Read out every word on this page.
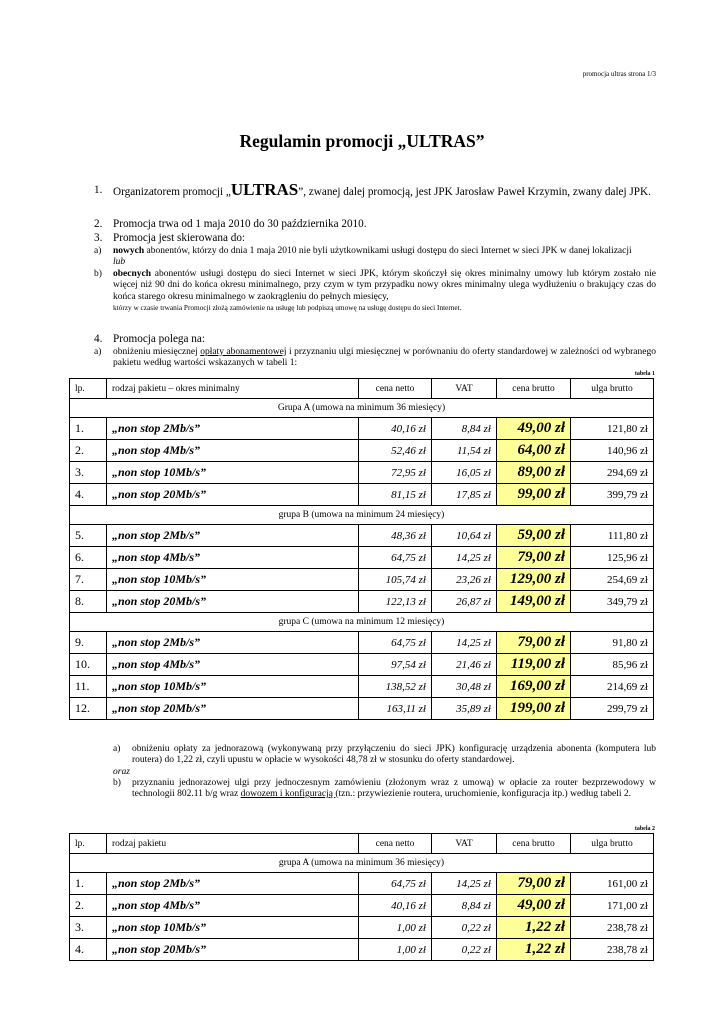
promocja ultras strona 1/3
Regulamin promocji „ULTRAS”
1. Organizatorem promocji „ULTRAS”, zwanej dalej promocją, jest JPK Jarosław Paweł Krzymin, zwany dalej JPK.
2. Promocja trwa od 1 maja 2010 do 30 października 2010.
3. Promocja jest skierowana do:
a) nowych abonentów, którzy do dnia 1 maja 2010 nie byli użytkownikami usługi dostępu do sieci Internet w sieci JPK w danej lokalizacji
lub
b) obecnych abonentów usługi dostępu do sieci Internet w sieci JPK, którym skończył się okres minimalny umowy lub którym zostało nie więcej niż 90 dni do końca okresu minimalnego, przy czym w tym przypadku nowy okres minimalny ulega wydłużeniu o brakujący czas do końca starego okresu minimalnego w zaokrągleniu do pełnych miesięcy,
którzy w czasie trwania Promocji złożą zamówienie na usługę lub podpiszą umowę na usługę dostępu do sieci Internet.
4. Promocja polega na:
a) obniżeniu miesięcznej opłaty abonamentowej i przyznaniu ulgi miesięcznej w porównaniu do oferty standardowej w zależności od wybranego pakietu według wartości wskazanych w tabeli 1:
tabela 1
lp.	rodzaj pakietu – okres minimalny	cena netto	VAT	cena brutto	ulga brutto
Grupa A (umowa na minimum 36 miesięcy)					
1.	„non stop 2Mb/s”	40,16 zł	8,84 zł	49,00 zł	121,80 zł
2.	„non stop 4Mb/s”	52,46 zł	11,54 zł	64,00 zł	140,96 zł
3.	„non stop 10Mb/s”	72,95 zł	16,05 zł	89,00 zł	294,69 zł
4.	„non stop 20Mb/s”	81,15 zł	17,85 zł	99,00 zł	399,79 zł
grupa B (umowa na minimum 24 miesięcy)					
5.	„non stop 2Mb/s”	48,36 zł	10,64 zł	59,00 zł	111,80 zł
6.	„non stop 4Mb/s”	64,75 zł	14,25 zł	79,00 zł	125,96 zł
7.	„non stop 10Mb/s”	105,74 zł	23,26 zł	129,00 zł	254,69 zł
8.	„non stop 20Mb/s”	122,13 zł	26,87 zł	149,00 zł	349,79 zł
grupa C (umowa na minimum 12 miesięcy)					
9.	„non stop 2Mb/s”	64,75 zł	14,25 zł	79,00 zł	91,80 zł
10.	„non stop 4Mb/s”	97,54 zł	21,46 zł	119,00 zł	85,96 zł
11.	„non stop 10Mb/s”	138,52 zł	30,48 zł	169,00 zł	214,69 zł
12.	„non stop 20Mb/s”	163,11 zł	35,89 zł	199,00 zł	299,79 zł
a) obniżeniu opłaty za jednorazową (wykonywaną przy przyłączeniu do sieci JPK) konfigurację urządzenia abonenta (komputera lub routera) do 1,22 zł, czyli upustu w opłacie w wysokości 48,78 zł w stosunku do oferty standardowej.
oraz
b) przyznaniu jednorazowej ulgi przy jednoczesnym zamówieniu (złożonym wraz z umową) w opłacie za router bezprzewodowy w technologii 802.11 b/g wraz dowozem i konfiguracją (tzn.: przywiezienie routera, uruchomienie, konfiguracja itp.) według tabeli 2.
tabela 2
lp.	rodzaj pakietu	cena netto	VAT	cena brutto	ulga brutto
grupa A (umowa na minimum 36 miesięcy)					
1.	„non stop 2Mb/s”	64,75 zł	14,25 zł	79,00 zł	161,00 zł
2.	„non stop 4Mb/s”	40,16 zł	8,84 zł	49,00 zł	171,00 zł
3.	„non stop 10Mb/s”	1,00 zł	0,22 zł	1,22 zł	238,78 zł
4.	„non stop 20Mb/s”	1,00 zł	0,22 zł	1,22 zł	238,78 zł
